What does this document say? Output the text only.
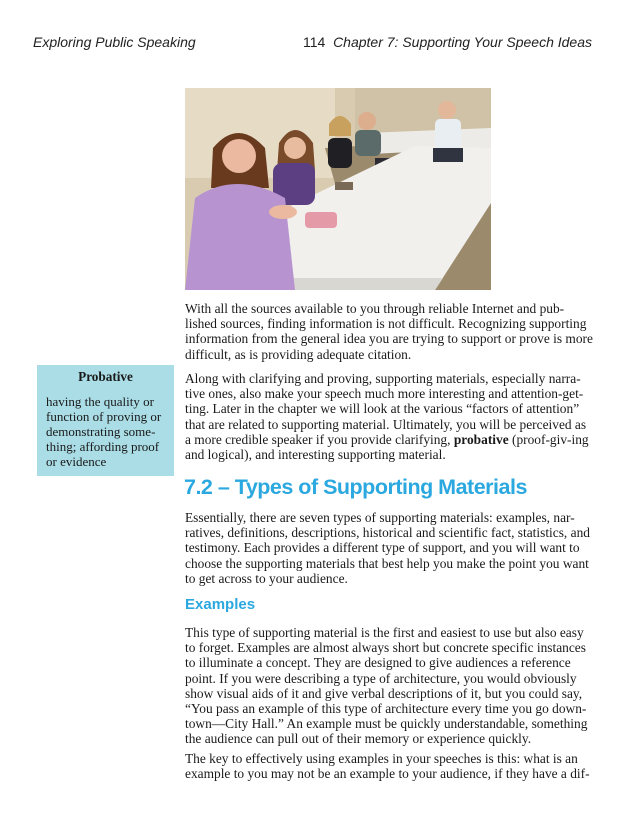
Exploring Public Speaking	114 Chapter 7: Supporting Your Speech Ideas

With all the sources available to you through reliable Internet and pub-lished sources, finding information is not difficult. Recognizing supporting information from the general idea you are trying to support or prove is more difficult, as is providing adequate citation.

Probative
having the quality or function of proving or demonstrating some-thing; affording proof or evidence

Along with clarifying and proving, supporting materials, especially narra-tive ones, also make your speech much more interesting and attention-get-ting. Later in the chapter we will look at the various “factors of attention” that are related to supporting material. Ultimately, you will be perceived as a more credible speaker if you provide clarifying, probative (proof-giv-ing and logical), and interesting supporting material.

7.2 – Types of Supporting Materials

Essentially, there are seven types of supporting materials: examples, nar-ratives, definitions, descriptions, historical and scientific fact, statistics, and testimony. Each provides a different type of support, and you will want to choose the supporting materials that best help you make the point you want to get across to your audience.

Examples

This type of supporting material is the first and easiest to use but also easy to forget. Examples are almost always short but concrete specific instances to illuminate a concept. They are designed to give audiences a reference point. If you were describing a type of architecture, you would obviously show visual aids of it and give verbal descriptions of it, but you could say, “You pass an example of this type of architecture every time you go down-town—City Hall.” An example must be quickly understandable, something the audience can pull out of their memory or experience quickly.

The key to effectively using examples in your speeches is this: what is an example to you may not be an example to your audience, if they have a dif-
